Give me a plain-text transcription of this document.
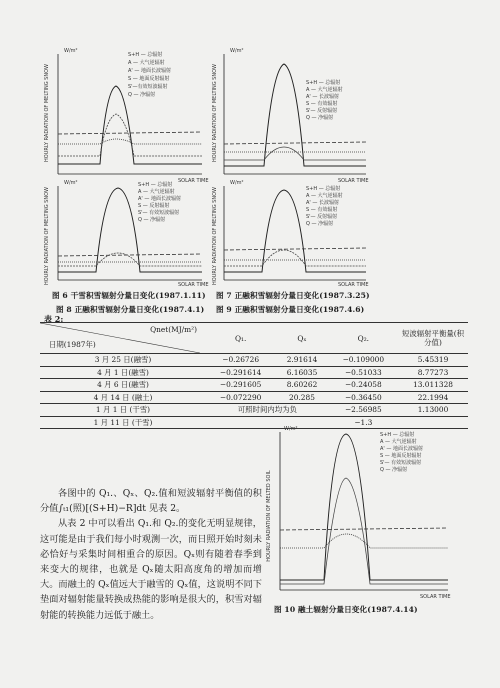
HOURLY RADIATION OF MELTING SNOW
W/m²
SOLAR TIME
S+H — 总辐射
A — 大气逆辐射
A' — 地面长波辐射
S — 地面反射辐射
S'—有效短波辐射
Q — 净辐射
图 6 干雪积雪辐射分量日变化(1987.1.11)
HOURLY RADIATION OF MELTING SNOW
W/m²
SOLAR TIME
S+H — 总辐射
A — 大气逆辐射
A' — 长波辐射
S — 有效辐射
S'— 反射辐射
Q — 净辐射
图 7 正融积雪辐射分量日变化(1987.3.25)
HOURLY RADIATION OF MELTING SNOW
W/m²
SOLAR TIME
S+H — 总辐射
A — 大气逆辐射
A' — 地面长波辐射
S — 反射辐射
S'— 有效短波辐射
Q — 净辐射
图 8 正融积雪辐射分量日变化(1987.4.1)
HOURLY RADIATION OF MELTING SNOW
W/m²
SOLAR TIME
S+H — 总辐射
A — 大气逆辐射
A' — 长波辐射
S — 有效辐射
S'— 反射辐射
Q — 净辐射
图 9 正融积雪辐射分量日变化(1987.4.6)
表 2:
Qnet(MJ/m²)
日期(1987年)	Q₁.	Qₓ	Q₂.	短波辐射平衡量(积分值)
3 月 25 日(融雪)	−0.26726	2.91614	−0.109000	5.45319
4 月 1 日(融雪)	−0.291614	6.16035	−0.51033	8.77273
4 月 6 日(融雪)	−0.291605	8.60262	−0.24058	13.011328
4 月 14 日 (融土)	−0.072290	20.285	−0.36450	22.1994
1 月 1 日 (干雪)	可照时间内均为负		−2.56985	1.13000
1 月 11 日 (干雪)			−1.3	

各图中的 Q₁.、Qₓ、Q₂.值和短波辐射平衡值的积分值∫ₜ₁(照)[(S+H)−R]dt 见表 2。

从表 2 中可以看出 Q₁.和 Q₂.的变化无明显规律，这可能是由于我们每小时观测一次，而日照开始时刻未必恰好与采集时间相重合的原因。Qₓ则有随着春季到来变大的规律，也就是 Qₓ随太阳高度角的增加而增大。而融土的 Qₓ值远大于融雪的 Qₓ值，这说明不同下垫面对辐射能量转换成热能的影响是很大的，积雪对辐射能的转换能力远低于融土。

HOURLY RADIATION OF MELTED SOIL
W/m²
SOLAR TIME
S+H — 总辐射
A — 大气逆辐射
A' — 地面长波辐射
S — 地面反射辐射
S'— 有效短波辐射
Q — 净辐射
图 10 融土辐射分量日变化(1987.4.14)
